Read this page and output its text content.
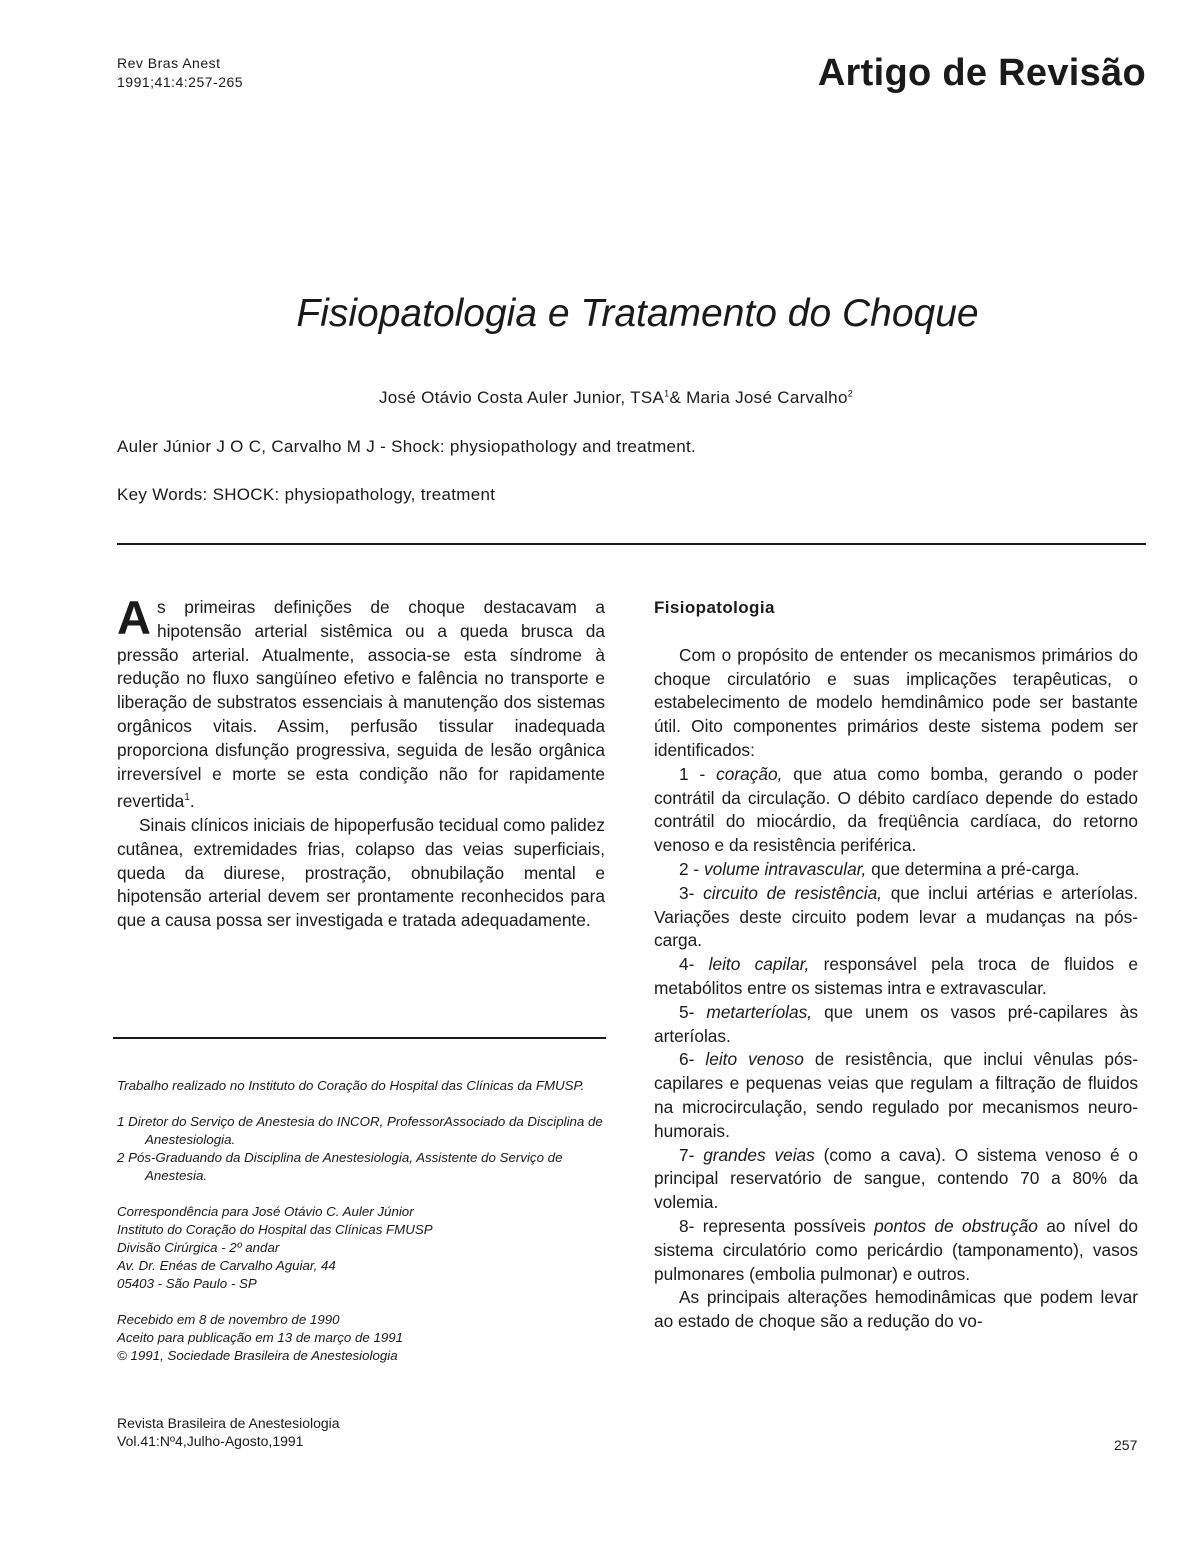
Rev Bras Anest
1991;41:4:257-265	Artigo de Revisão
Fisiopatologia e Tratamento do Choque
José Otávio Costa Auler Junior, TSA$^1$& Maria José Carvalho$^2$
Auler Júnior J O C, Carvalho M J - Shock: physiopathology and treatment.
Key Words: SHOCK: physiopathology, treatment

As primeiras definições de choque destacavam a hipotensão arterial sistêmica ou a queda brusca da pressão arterial. Atualmente, associa-se esta síndrome à redução no fluxo sangüíneo efetivo e falência no transporte e liberação de substratos essenciais à manutenção dos sistemas orgânicos vitais. Assim, perfusão tissular inadequada proporciona disfunção progressiva, seguida de lesão orgânica irreversível e morte se esta condição não for rapidamente revertida$^1$.

Sinais clínicos iniciais de hipoperfusão tecidual como palidez cutânea, extremidades frias, colapso das veias superficiais, queda da diurese, prostração, obnubilação mental e hipotensão arterial devem ser prontamente reconhecidos para que a causa possa ser investigada e tratada adequadamente.

Trabalho realizado no Instituto do Coração do Hospital das Clínicas da FMUSP.

1 Diretor do Serviço de Anestesia do INCOR, ProfessorAssociado da Disciplina de Anestesiologia.

2 Pós-Graduando da Disciplina de Anestesiologia, Assistente do Serviço de Anestesia.

Correspondência para José Otávio C. Auler Júnior

Instituto do Coração do Hospital das Clínicas FMUSP

Divisão Cirúrgica - 2º andar

Av. Dr. Enéas de Carvalho Aguiar, 44

05403 - São Paulo - SP

Recebido em 8 de novembro de 1990

Aceito para publicação em 13 de março de 1991

© 1991, Sociedade Brasileira de Anestesiologia

Fisiopatologia

Com o propósito de entender os mecanismos primários do choque circulatório e suas implicações terapêuticas, o estabelecimento de modelo hemdinâmico pode ser bastante útil. Oito componentes primários deste sistema podem ser identificados:

1 - coração, que atua como bomba, gerando o poder contrátil da circulação. O débito cardíaco depende do estado contrátil do miocárdio, da freqüência cardíaca, do retorno venoso e da resistência periférica.

2 - volume intravascular, que determina a pré-carga.

3- circuito de resistência, que inclui artérias e arteríolas. Variações deste circuito podem levar a mudanças na pós-carga.

4- leito capilar, responsável pela troca de fluidos e metabólitos entre os sistemas intra e extravascular.

5- metarteríolas, que unem os vasos pré-capilares às arteríolas.

6- leito venoso de resistência, que inclui vênulas pós-capilares e pequenas veias que regulam a filtração de fluidos na microcirculação, sendo regulado por mecanismos neuro-humorais.

7- grandes veias (como a cava). O sistema venoso é o principal reservatório de sangue, contendo 70 a 80% da volemia.

8- representa possíveis pontos de obstrução ao nível do sistema circulatório como pericárdio (tamponamento), vasos pulmonares (embolia pulmonar) e outros.

As principais alterações hemodinâmicas que podem levar ao estado de choque são a redução do vo-

Revista Brasileira de Anestesiologia
Vol.41:Nº4,Julho-Agosto,1991	257
